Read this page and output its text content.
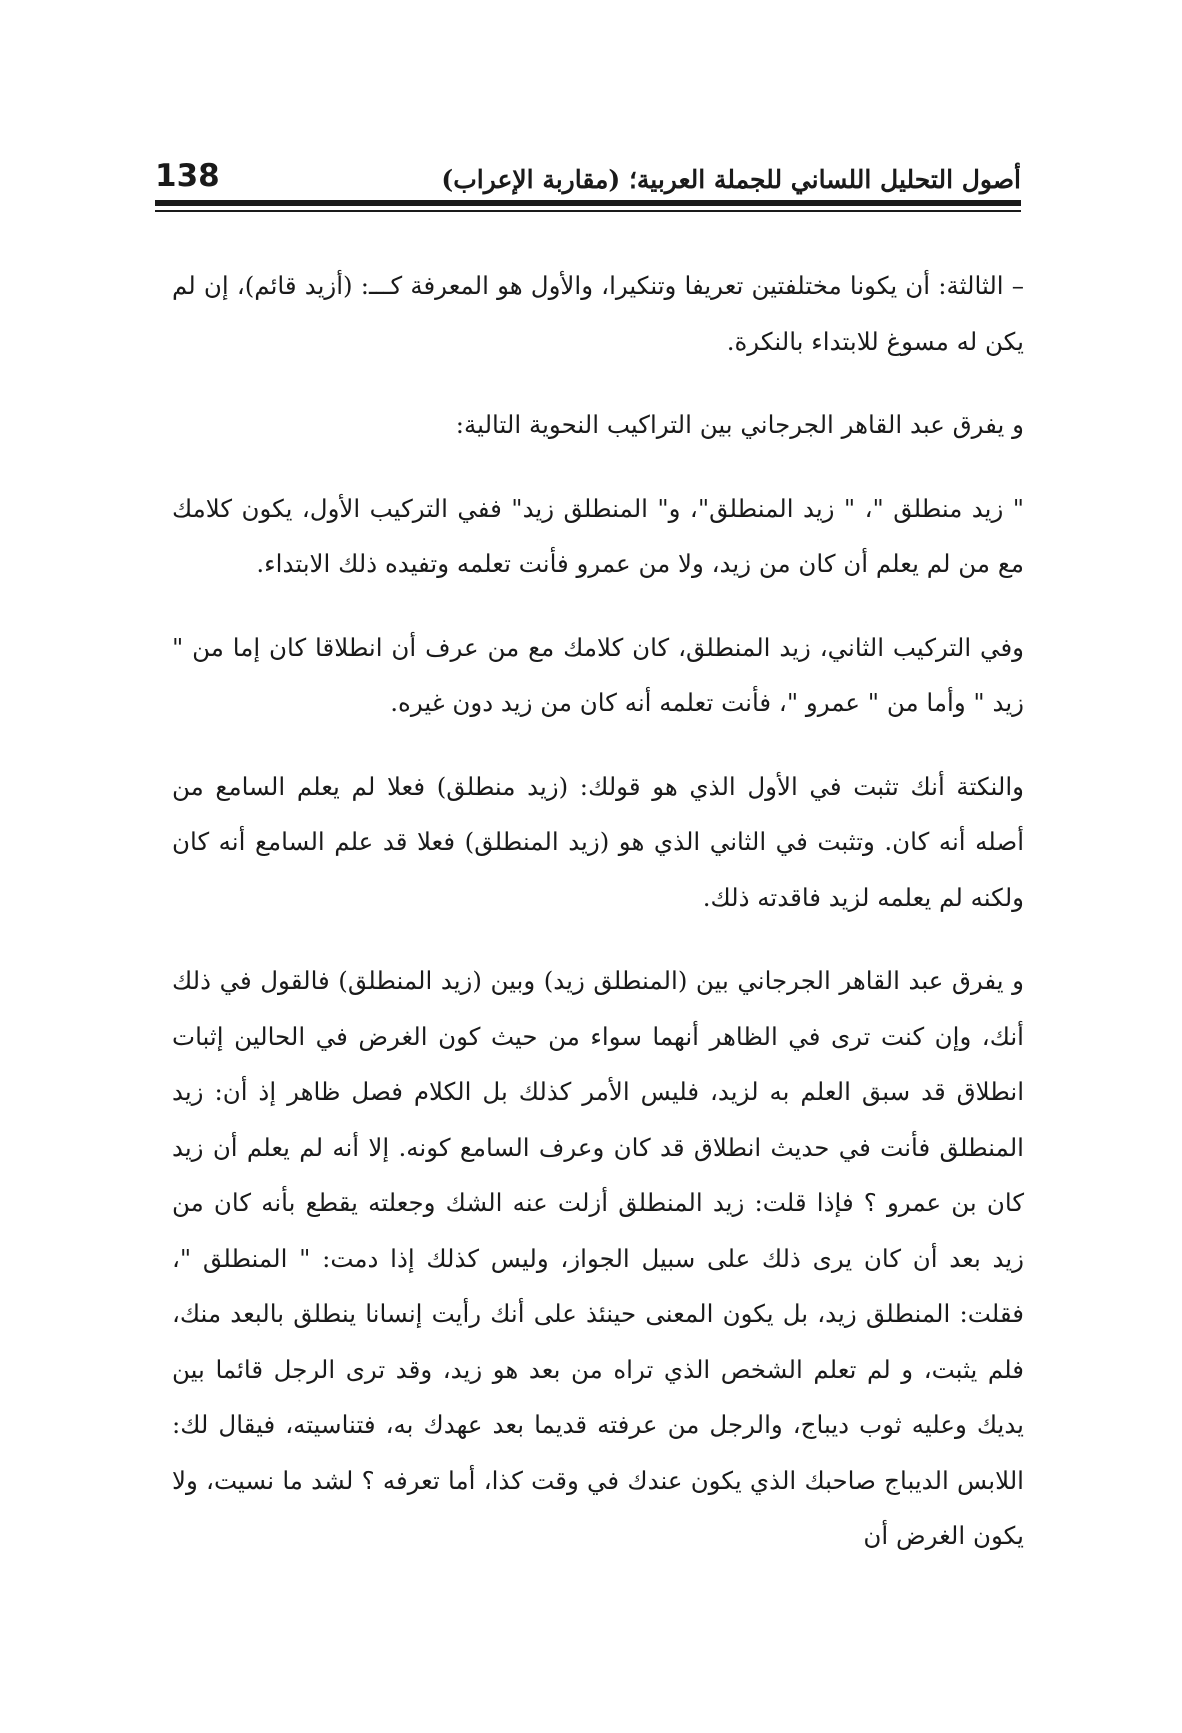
138	أصول التحليل اللساني للجملة العربية؛ (مقاربة الإعراب)

– الثالثة: أن يكونا مختلفتين تعريفا وتنكيرا، والأول هو المعرفة كـــ: (أزيد قائم)، إن لم يكن له مسوغ للابتداء بالنكرة.

و يفرق عبد القاهر الجرجاني بين التراكيب النحوية التالية:

" زيد منطلق "، " زيد المنطلق"، و" المنطلق زيد" ففي التركيب الأول، يكون كلامك مع من لم يعلم أن كان من زيد، ولا من عمرو فأنت تعلمه وتفيده ذلك الابتداء.

وفي التركيب الثاني، زيد المنطلق، كان كلامك مع من عرف أن انطلاقا كان إما من " زيد " وأما من " عمرو "، فأنت تعلمه أنه كان من زيد دون غيره.

والنكتة أنك تثبت في الأول الذي هو قولك: (زيد منطلق) فعلا لم يعلم السامع من أصله أنه كان. وتثبت في الثاني الذي هو (زيد المنطلق) فعلا قد علم السامع أنه كان ولكنه لم يعلمه لزيد فاقدته ذلك.

و يفرق عبد القاهر الجرجاني بين (المنطلق زيد) وبين (زيد المنطلق) فالقول في ذلك أنك، وإن كنت ترى في الظاهر أنهما سواء من حيث كون الغرض في الحالين إثبات انطلاق قد سبق العلم به لزيد، فليس الأمر كذلك بل الكلام فصل ظاهر إذ أن: زيد المنطلق فأنت في حديث انطلاق قد كان وعرف السامع كونه. إلا أنه لم يعلم أن زيد كان بن عمرو ؟ فإذا قلت: زيد المنطلق أزلت عنه الشك وجعلته يقطع بأنه كان من زيد بعد أن كان يرى ذلك على سبيل الجواز، وليس كذلك إذا دمت: " المنطلق "، فقلت: المنطلق زيد، بل يكون المعنى حينئذ على أنك رأيت إنسانا ينطلق بالبعد منك، فلم يثبت، و لم تعلم الشخص الذي تراه من بعد هو زيد، وقد ترى الرجل قائما بين يديك وعليه ثوب ديباج، والرجل من عرفته قديما بعد عهدك به، فتناسيته، فيقال لك: اللابس الديباج صاحبك الذي يكون عندك في وقت كذا، أما تعرفه ؟ لشد ما نسيت، ولا يكون الغرض أن
